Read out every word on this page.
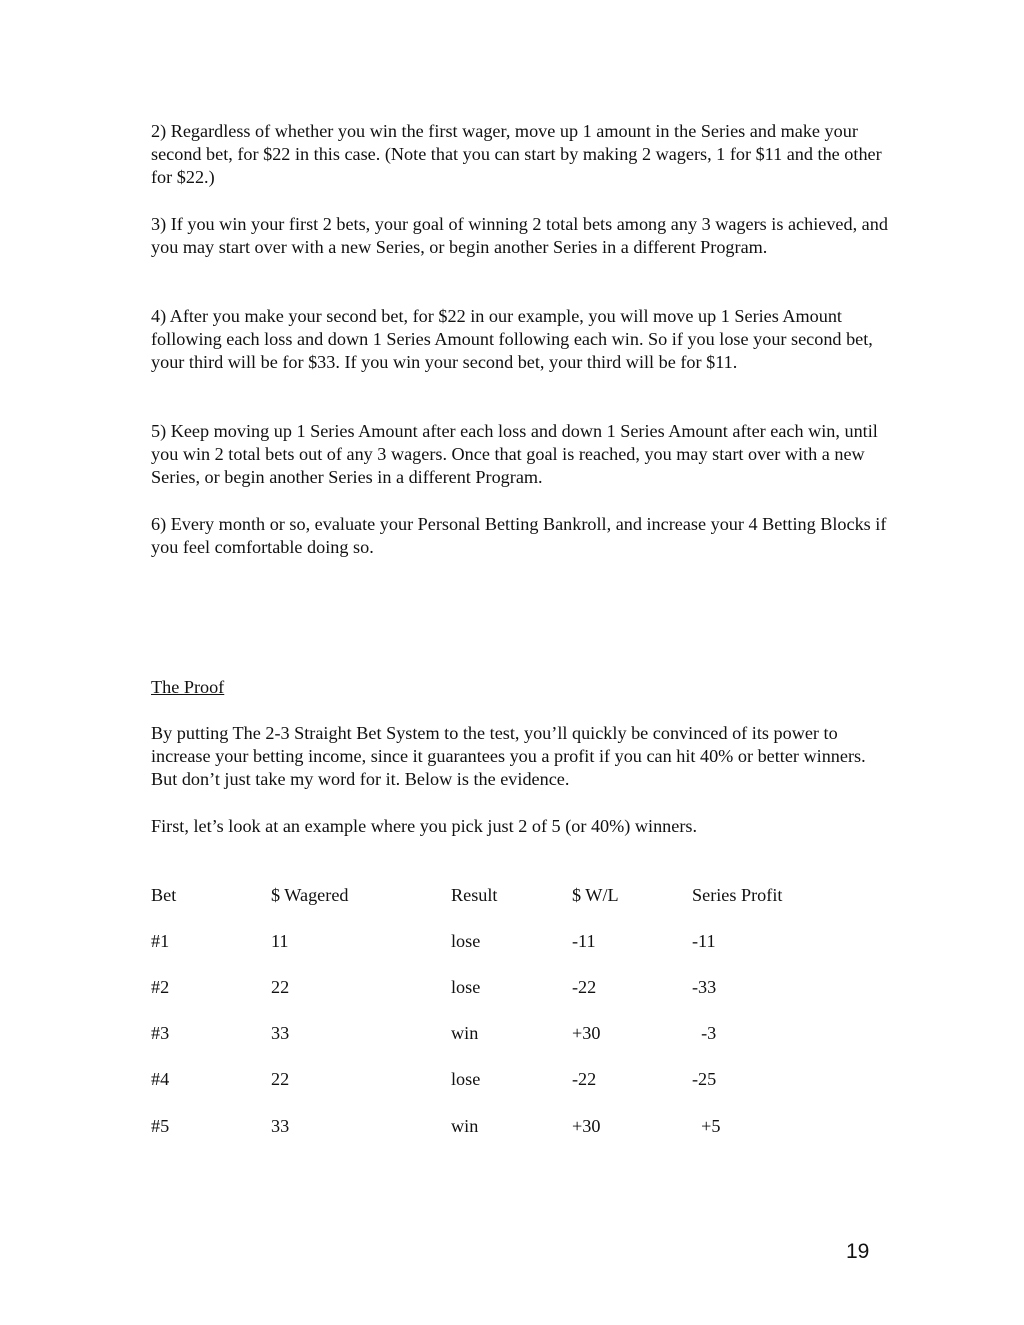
2) Regardless of whether you win the first wager, move up 1 amount in the Series and make your second bet, for $22 in this case. (Note that you can start by making 2 wagers, 1 for $11 and the other for $22.)

3) If you win your first 2 bets, your goal of winning 2 total bets among any 3 wagers is achieved, and you may start over with a new Series, or begin another Series in a different Program.

4) After you make your second bet, for $22 in our example, you will move up 1 Series Amount following each loss and down 1 Series Amount following each win. So if you lose your second bet, your third will be for $33. If you win your second bet, your third will be for $11.

5) Keep moving up 1 Series Amount after each loss and down 1 Series Amount after each win, until you win 2 total bets out of any 3 wagers. Once that goal is reached, you may start over with a new Series, or begin another Series in a different Program.

6) Every month or so, evaluate your Personal Betting Bankroll, and increase your 4 Betting Blocks if you feel comfortable doing so.

The Proof

By putting The 2-3 Straight Bet System to the test, you’ll quickly be convinced of its power to increase your betting income, since it guarantees you a profit if you can hit 40% or better winners. But don’t just take my word for it. Below is the evidence.

First, let’s look at an example where you pick just 2 of 5 (or 40%) winners.

Bet	$ Wagered	Result	$ W/L	Series Profit
#1	11	lose	-11	-11
#2	22	lose	-22	-33
#3	33	win	+30	-3
#4	22	lose	-22	-25
#5	33	win	+30	+5
19
